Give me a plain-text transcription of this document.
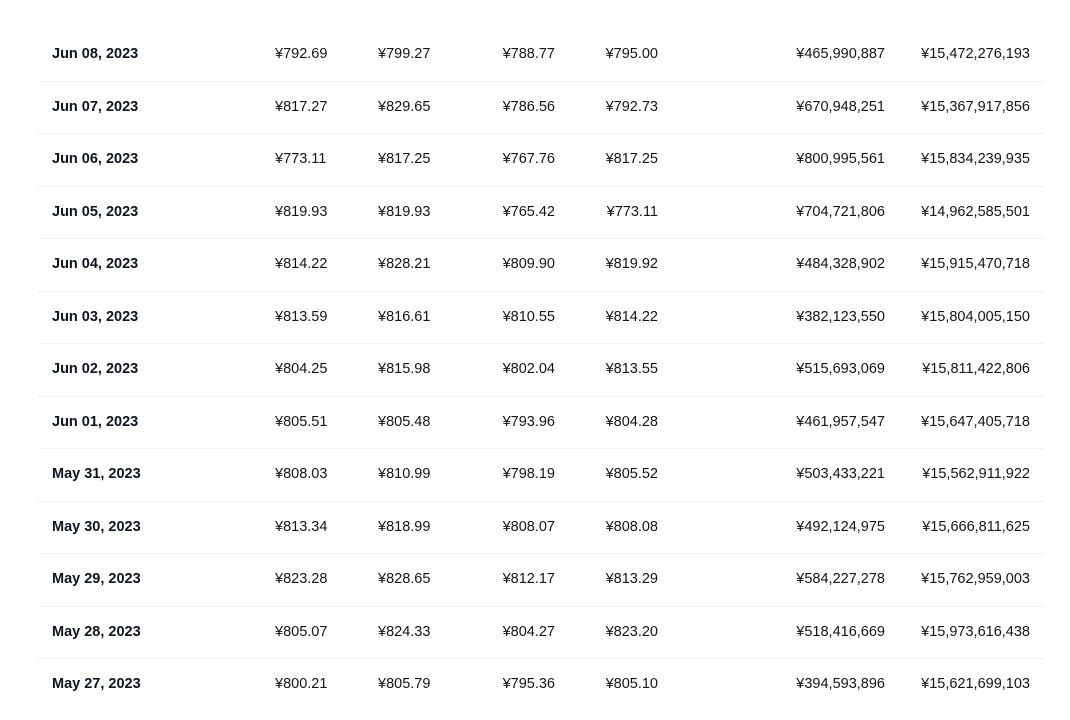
Jun 08, 2023	¥792.69	¥799.27	¥788.77	¥795.00	¥465,990,887 ¥15,472,276,193
Jun 07, 2023	¥817.27	¥829.65	¥786.56	¥792.73	¥670,948,251 ¥15,367,917,856
Jun 06, 2023	¥773.11	¥817.25	¥767.76	¥817.25	¥800,995,561 ¥15,834,239,935
Jun 05, 2023	¥819.93	¥819.93	¥765.42	¥773.11	¥704,721,806 ¥14,962,585,501
Jun 04, 2023	¥814.22	¥828.21	¥809.90	¥819.92	¥484,328,902 ¥15,915,470,718
Jun 03, 2023	¥813.59	¥816.61	¥810.55	¥814.22	¥382,123,550 ¥15,804,005,150
Jun 02, 2023	¥804.25	¥815.98	¥802.04	¥813.55	¥515,693,069	¥15,811,422,806
Jun 01, 2023	¥805.51	¥805.48	¥793.96	¥804.28	¥461,957,547 ¥15,647,405,718
May 31, 2023	¥808.03	¥810.99	¥798.19	¥805.52	¥503,433,221	¥15,562,911,922
May 30, 2023	¥813.34	¥818.99	¥808.07	¥808.08	¥492,124,975	¥15,666,811,625
May 29, 2023	¥823.28	¥828.65	¥812.17	¥813.29	¥584,227,278 ¥15,762,959,003
May 28, 2023	¥805.07	¥824.33	¥804.27	¥823.20	¥518,416,669 ¥15,973,616,438
May 27, 2023	¥800.21	¥805.79	¥795.36	¥805.10	¥394,593,896 ¥15,621,699,103
